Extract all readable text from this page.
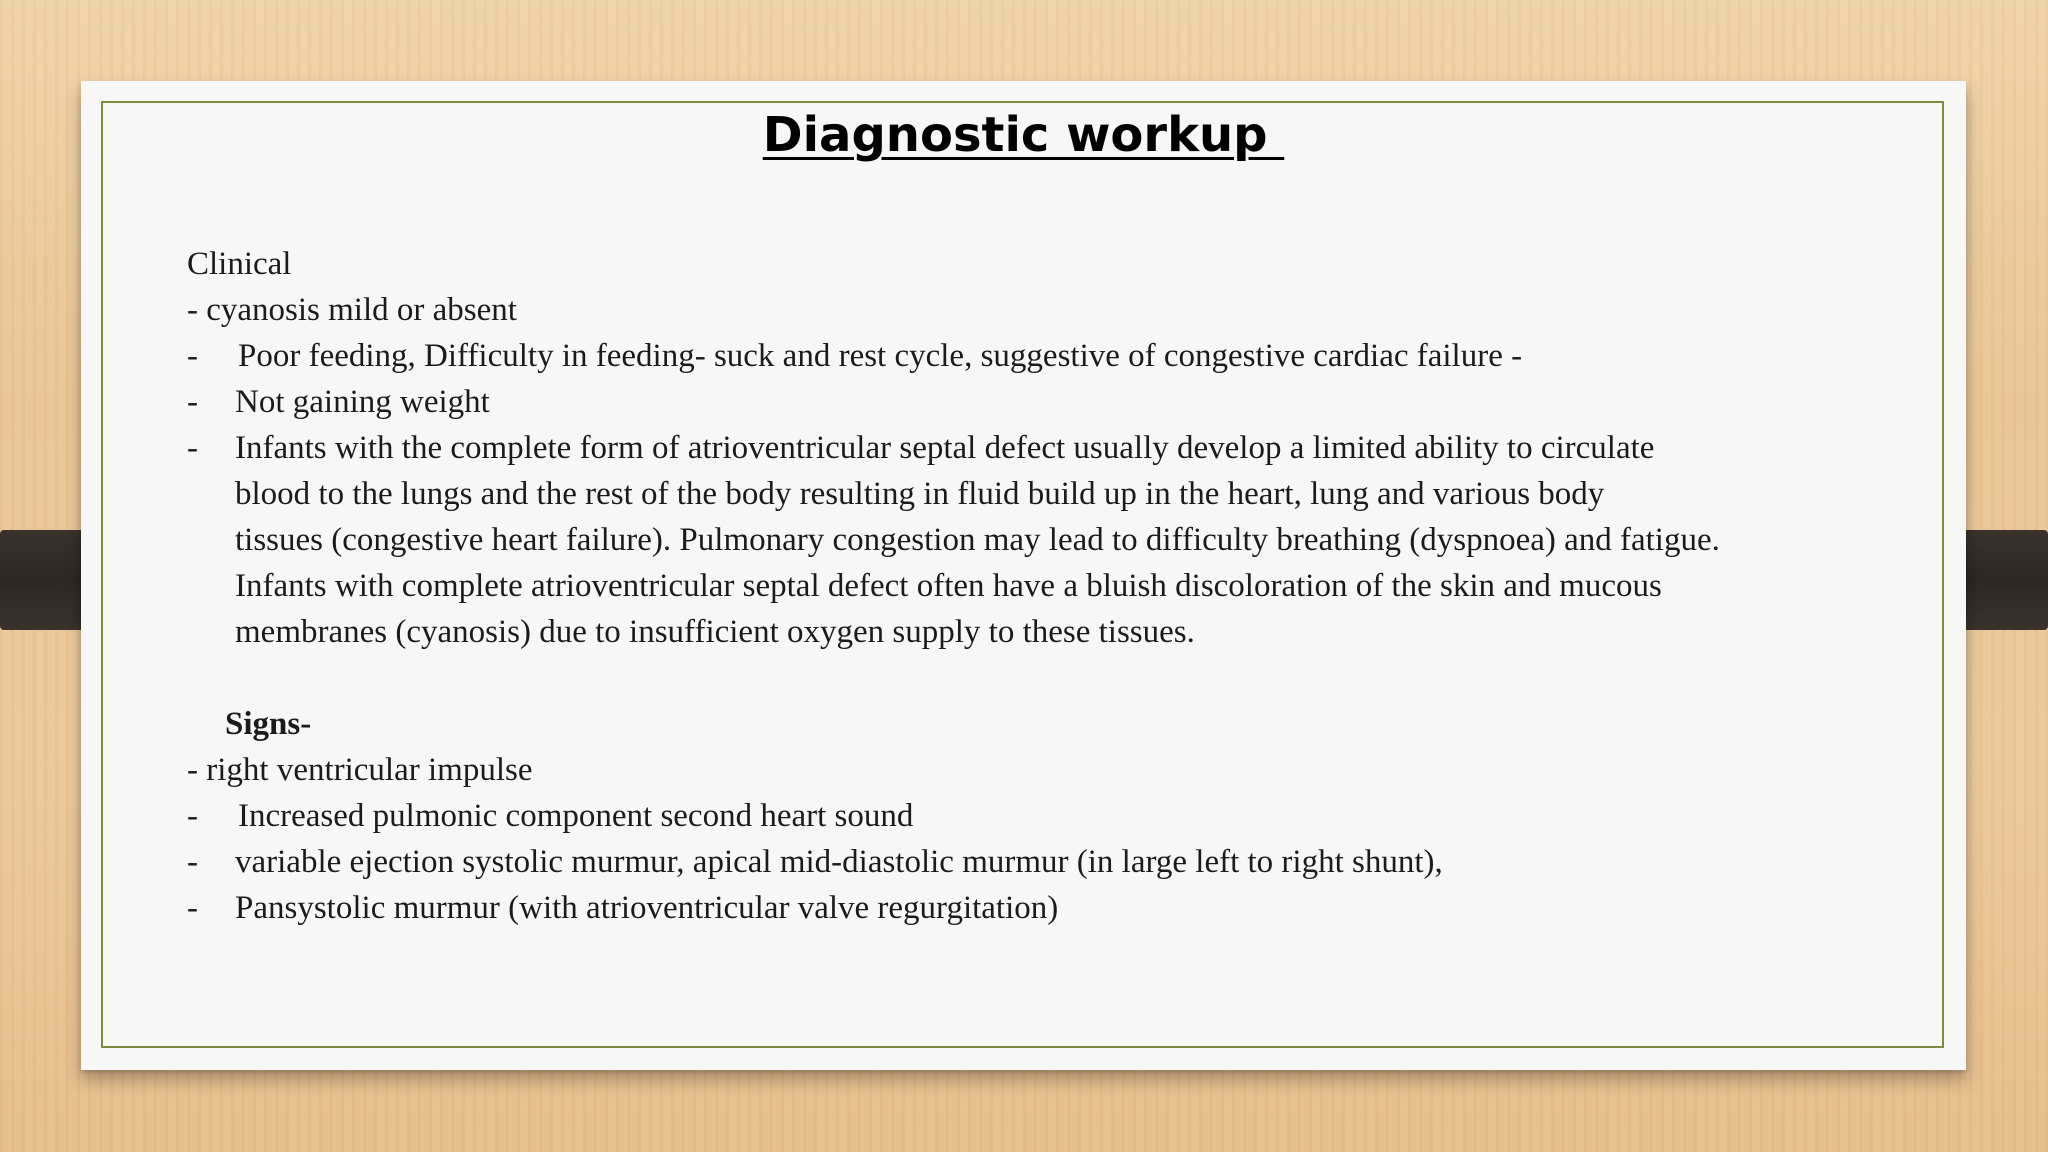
Diagnostic workup
Clinical
- cyanosis mild or absent
- Poor feeding, Difficulty in feeding- suck and rest cycle, suggestive of congestive cardiac failure -
- Not gaining weight
- Infants with the complete form of atrioventricular septal defect usually develop a limited ability to circulate
blood to the lungs and the rest of the body resulting in fluid build up in the heart, lung and various body
tissues (congestive heart failure). Pulmonary congestion may lead to difficulty breathing (dyspnoea) and fatigue.
Infants with complete atrioventricular septal defect often have a bluish discoloration of the skin and mucous
membranes (cyanosis) due to insufficient oxygen supply to these tissues.
Signs-
- right ventricular impulse
- Increased pulmonic component second heart sound
- variable ejection systolic murmur, apical mid-diastolic murmur (in large left to right shunt),
- Pansystolic murmur (with atrioventricular valve regurgitation)
